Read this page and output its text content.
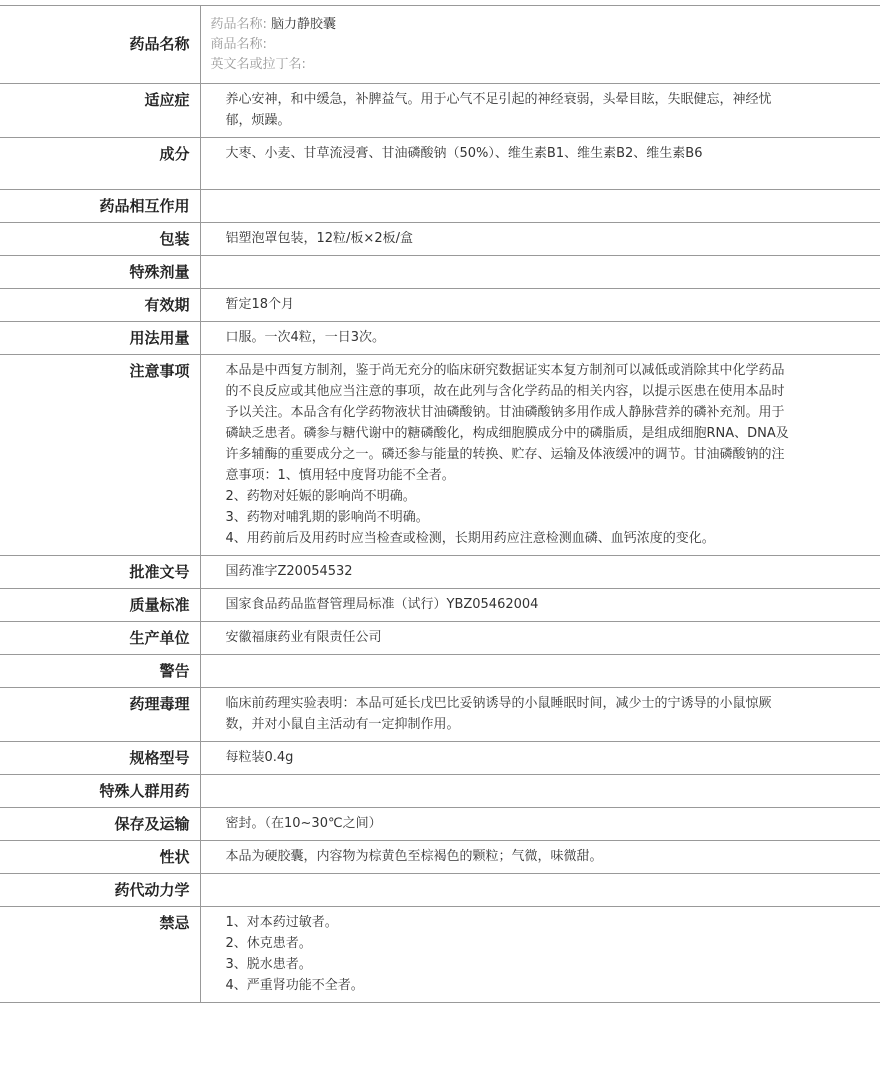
药品名称	药品名称: 脑力静胶囊
商品名称:
英文名或拉丁名:

适应症	养心安神，和中缓急，补脾益气。用于心气不足引起的神经衰弱，头晕目眩，失眠健忘，神经忧郁，烦躁。
成分	大枣、小麦、甘草流浸膏、甘油磷酸钠（50%）、维生素B1、维生素B2、维生素B6
药品相互作用	
包装	铝塑泡罩包装，12粒/板×2板/盒
特殊剂量	
有效期	暂定18个月
用法用量	口服。一次4粒，一日3次。
注意事项	本品是中西复方制剂，鉴于尚无充分的临床研究数据证实本复方制剂可以减低或消除其中化学药品的不良反应或其他应当注意的事项，故在此列与含化学药品的相关内容，以提示医患在使用本品时予以关注。本品含有化学药物液状甘油磷酸钠。甘油磷酸钠多用作成人静脉营养的磷补充剂。用于磷缺乏患者。磷参与糖代谢中的糖磷酸化，构成细胞膜成分中的磷脂质，是组成细胞RNA、DNA及许多辅酶的重要成分之一。磷还参与能量的转换、贮存、运输及体液缓冲的调节。甘油磷酸钠的注意事项：1、慎用轻中度肾功能不全者。
2、药物对妊娠的影响尚不明确。
3、药物对哺乳期的影响尚不明确。
4、用药前后及用药时应当检查或检测，长期用药应注意检测血磷、血钙浓度的变化。

批准文号	国药准字Z20054532
质量标准	国家食品药品监督管理局标准（试行）YBZ05462004
生产单位	安徽福康药业有限责任公司
警告	
药理毒理	临床前药理实验表明：本品可延长戊巴比妥钠诱导的小鼠睡眠时间，减少士的宁诱导的小鼠惊厥数，并对小鼠自主活动有一定抑制作用。
规格型号	每粒装0.4g
特殊人群用药	
保存及运输	密封。（在10~30℃之间）
性状	本品为硬胶囊，内容物为棕黄色至棕褐色的颗粒；气微，味微甜。
药代动力学	
禁忌	1、对本药过敏者。
2、休克患者。
3、脱水患者。
4、严重肾功能不全者。
